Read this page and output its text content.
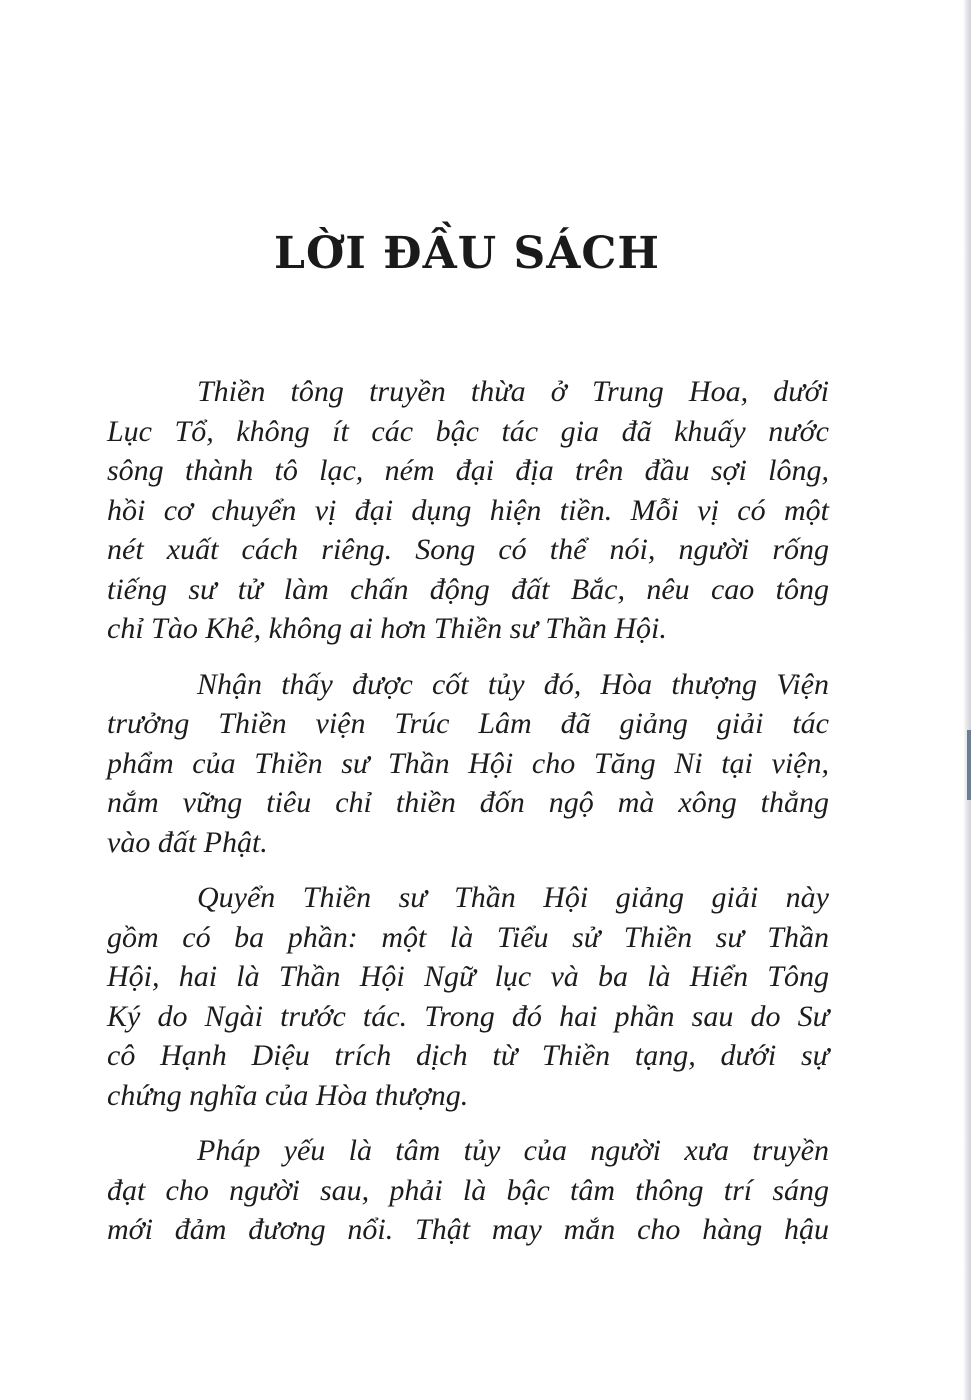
LỜI ĐẦU SÁCH
Thiền tông truyền thừa ở Trung Hoa, dưới
Lục Tổ, không ít các bậc tác gia đã khuấy nước
sông thành tô lạc, ném đại địa trên đầu sợi lông,
hồi cơ chuyển vị đại dụng hiện tiền. Mỗi vị có một
nét xuất cách riêng. Song có thể nói, người rống
tiếng sư tử làm chấn động đất Bắc, nêu cao tông
chỉ Tào Khê, không ai hơn Thiền sư Thần Hội.
Nhận thấy được cốt tủy đó, Hòa thượng Viện
trưởng Thiền viện Trúc Lâm đã giảng giải tác
phẩm của Thiền sư Thần Hội cho Tăng Ni tại viện,
nắm vững tiêu chỉ thiền đốn ngộ mà xông thẳng
vào đất Phật.
Quyển Thiền sư Thần Hội giảng giải này
gồm có ba phần: một là Tiểu sử Thiền sư Thần
Hội, hai là Thần Hội Ngữ lục và ba là Hiển Tông
Ký do Ngài trước tác. Trong đó hai phần sau do Sư
cô Hạnh Diệu trích dịch từ Thiền tạng, dưới sự
chứng nghĩa của Hòa thượng.
Pháp yếu là tâm tủy của người xưa truyền
đạt cho người sau, phải là bậc tâm thông trí sáng
mới đảm đương nổi. Thật may mắn cho hàng hậu
